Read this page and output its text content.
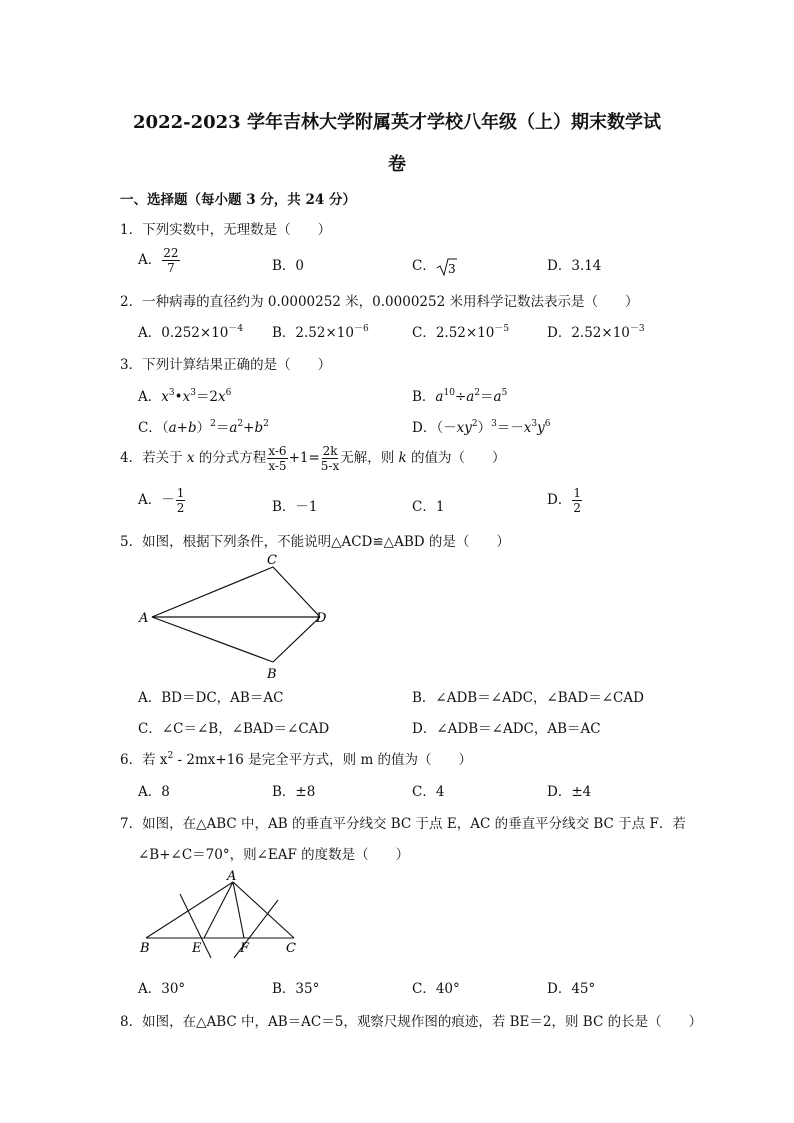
2022-2023 学年吉林大学附属英才学校八年级（上）期末数学试
卷
一、选择题（每小题 3 分，共 24 分）
1．下列实数中，无理数是（　　）
A． $\frac{22}{7}$	B．0	C． 3	D．3.14
2．一种病毒的直径约为 0.0000252 米，0.0000252 米用科学记数法表示是（　　）
A．$0.252\times 10^{-4}$ B．$2.52\times 10^{-6}$	C．$2.52\times 10^{-5}$	D．$2.52\times 10^{-3}$
3．下列计算结果正确的是（　　）
A．$x^3•x^3=2x^6$	B．$a^{10}\div a^2=a^5$
C．$(a+b)^2=a^2+b^2$	D．$(-xy^2)^3=-x^3y^6$
4．若关于 x 的分式方程 $\frac{x-6}{x-5} +1= \frac{2k}{5-x}$ 无解，则 k 的值为（　　）
A．－ $\frac{1}{2}$	B．－1	C．1	D． $\frac{1}{2}$
5．如图，根据下列条件，不能说明△ACD≌△ABD 的是（　　）
C
A	D
B
A．BD＝DC，AB＝AC	B．∠ADB＝∠ADC，∠BAD＝∠CAD
C．∠C＝∠B，∠BAD＝∠CAD	D．∠ADB＝∠ADC，AB＝AC
6．若 $x^2 - 2mx+16$ 是完全平方式，则 m 的值为（　　）
A．8	B．±8	C．4	D．±4
7．如图，在△ABC 中，AB 的垂直平分线交 BC 于点 E，AC 的垂直平分线交 BC 于点 F．若
∠B+∠C＝70°，则∠EAF 的度数是（　　）
A
B	E	F	C
A．30°	B．35°	C．40°	D．45°
8．如图，在△ABC 中，AB＝AC＝5，观察尺规作图的痕迹，若 BE＝2，则 BC 的长是（　　）
